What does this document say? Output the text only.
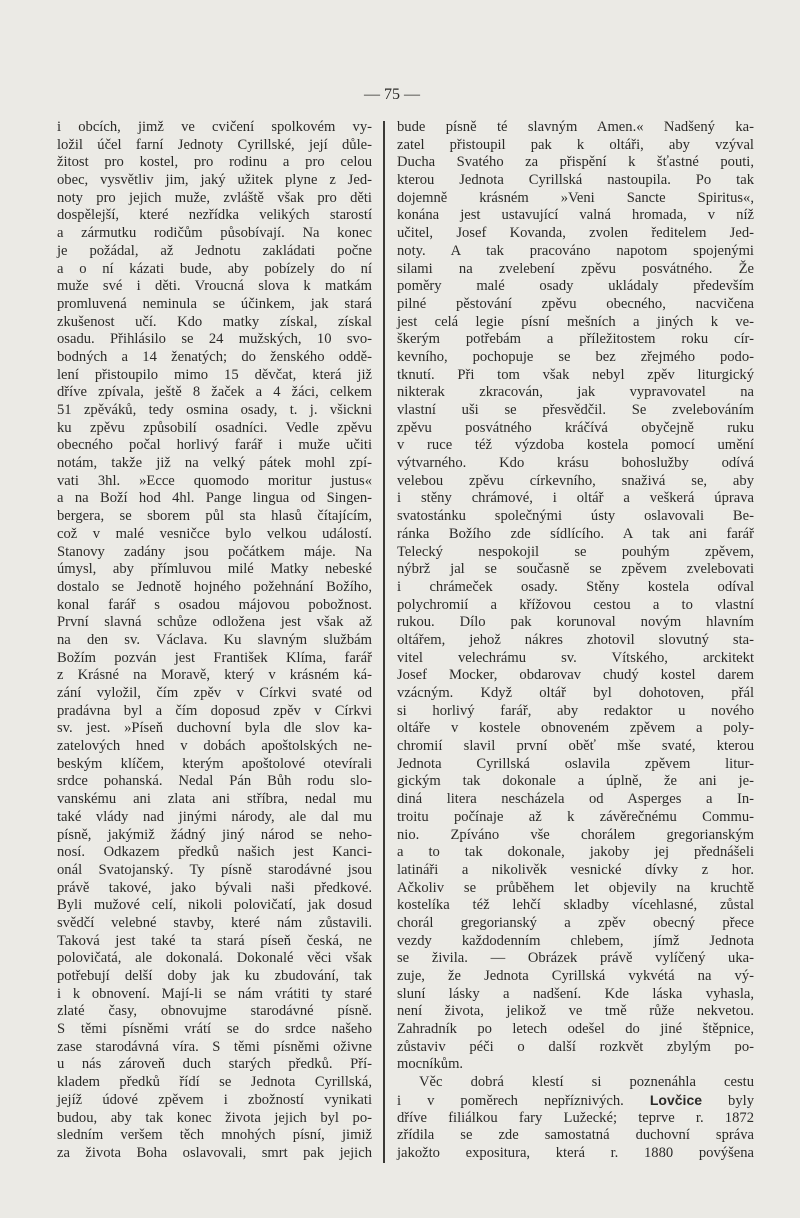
— 75 —
i obcích, jimž ve cvičení spolkovém vy-
ložil účel farní Jednoty Cyrillské, její důle-
žitost pro kostel, pro rodinu a pro celou
obec, vysvětliv jim, jaký užitek plyne z Jed-
noty pro jejich muže, zvláště však pro děti
dospělejší, které nezřídka velikých starostí
a zármutku rodičům působívají. Na konec
je požádal, až Jednotu zakládati počne
a o ní kázati bude, aby pobízely do ní
muže své i děti. Vroucná slova k matkám
promluvená neminula se účinkem, jak stará
zkušenost učí. Kdo matky získal, získal
osadu. Přihlásilo se 24 mužských, 10 svo-
bodných a 14 ženatých; do ženského oddě-
lení přistoupilo mimo 15 děvčat, která již
dříve zpívala, ještě 8 žaček a 4 žáci, celkem
51 zpěváků, tedy osmina osady, t. j. všickni
ku zpěvu způsobilí osadníci. Vedle zpěvu
obecného počal horlivý farář i muže učiti
notám, takže již na velký pátek mohl zpí-
vati 3hl. »Ecce quomodo moritur justus«
a na Boží hod 4hl. Pange lingua od Singen-
bergera, se sborem půl sta hlasů čítajícím,
což v malé vesničce bylo velkou událostí.
Stanovy zadány jsou počátkem máje. Na
úmysl, aby přímluvou milé Matky nebeské
dostalo se Jednotě hojného požehnání Božího,
konal farář s osadou májovou pobožnost.
První slavná schůze odložena jest však až
na den sv. Václava. Ku slavným službám
Božím pozván jest František Klíma, farář
z Krásné na Moravě, který v krásném ká-
zání vyložil, čím zpěv v Církvi svaté od
pradávna byl a čím doposud zpěv v Církvi
sv. jest. »Píseň duchovní byla dle slov ka-
zatelových hned v dobách apoštolských ne-
beským klíčem, kterým apoštolové otevírali
srdce pohanská. Nedal Pán Bůh rodu slo-
vanskému ani zlata ani stříbra, nedal mu
také vlády nad jinými národy, ale dal mu
písně, jakýmiž žádný jiný národ se neho-
nosí. Odkazem předků našich jest Kanci-
onál Svatojanský. Ty písně starodávné jsou
právě takové, jako bývali naši předkové.
Byli mužové celí, nikoli polovičatí, jak dosud
svědčí velebné stavby, které nám zůstavili.
Taková jest také ta stará píseň česká, ne
polovičatá, ale dokonalá. Dokonalé věci však
potřebují delší doby jak ku zbudování, tak
i k obnovení. Mají-li se nám vrátiti ty staré
zlaté časy, obnovujme starodávné písně.
S těmi písněmi vrátí se do srdce našeho
zase starodávná víra. S těmi písněmi oživne
u nás zároveň duch starých předků. Pří-
kladem předků řídí se Jednota Cyrillská,
jejíž údové zpěvem i zbožností vynikati
budou, aby tak konec života jejich byl po-
sledním veršem těch mnohých písní, jimiž
za života Boha oslavovali, smrt pak jejich
bude písně té slavným Amen.« Nadšený ka-
zatel přistoupil pak k oltáři, aby vzýval
Ducha Svatého za přispění k šťastné pouti,
kterou Jednota Cyrillská nastoupila. Po tak
dojemně krásném »Veni Sancte Spiritus«,
konána jest ustavující valná hromada, v níž
učitel, Josef Kovanda, zvolen ředitelem Jed-
noty. A tak pracováno napotom spojenými
silami na zvelebení zpěvu posvátného. Že
poměry malé osady ukládaly především
pilné pěstování zpěvu obecného, nacvičena
jest celá legie písní mešních a jiných k ve-
škerým potřebám a příležitostem roku cír-
kevního, pochopuje se bez zřejmého podo-
tknutí. Při tom však nebyl zpěv liturgický
nikterak zkracován, jak vypravovatel na
vlastní uši se přesvědčil. Se zvelebováním
zpěvu posvátného kráčívá obyčejně ruku
v ruce též výzdoba kostela pomocí umění
výtvarného. Kdo krásu bohoslužby odívá
velebou zpěvu církevního, snaživá se, aby
i stěny chrámové, i oltář a veškerá úprava
svatostánku společnými ústy oslavovali Be-
ránka Božího zde sídlícího. A tak ani farář
Telecký nespokojil se pouhým zpěvem,
nýbrž jal se současně se zpěvem zvelebovati
i chrámeček osady. Stěny kostela odíval
polychromií a křížovou cestou a to vlastní
rukou. Dílo pak korunoval novým hlavním
oltářem, jehož nákres zhotovil slovutný sta-
vitel velechrámu sv. Vítského, arckitekt
Josef Mocker, obdarovav chudý kostel darem
vzácným. Když oltář byl dohotoven, přál
si horlivý farář, aby redaktor u nového
oltáře v kostele obnoveném zpěvem a poly-
chromií slavil první oběť mše svaté, kterou
Jednota Cyrillská oslavila zpěvem litur-
gickým tak dokonale a úplně, že ani je-
diná litera nescházela od Asperges a In-
troitu počínaje až k závěrečnému Commu-
nio. Zpíváno vše chorálem gregorianským
a to tak dokonale, jakoby jej přednášeli
latináři a nikolivěk vesnické dívky z hor.
Ačkoliv se průběhem let objevily na kruchtě
kostelíka též lehčí skladby vícehlasné, zůstal
chorál gregorianský a zpěv obecný přece
vezdy každodenním chlebem, jímž Jednota
se živila. — Obrázek právě vylíčený uka-
zuje, že Jednota Cyrillská vykvétá na vý-
sluní lásky a nadšení. Kde láska vyhasla,
není života, jelikož ve tmě růže nekvetou.
Zahradník po letech odešel do jiné štěpnice,
zůstaviv péči o další rozkvět zbylým po-
mocníkům.
Věc dobrá klestí si poznenáhla cestu
i v poměrech nepříznivých. Lovčice byly
dříve filiálkou fary Lužecké; teprve r. 1872
zřídila se zde samostatná duchovní správa
jakožto expositura, která r. 1880 povýšena
